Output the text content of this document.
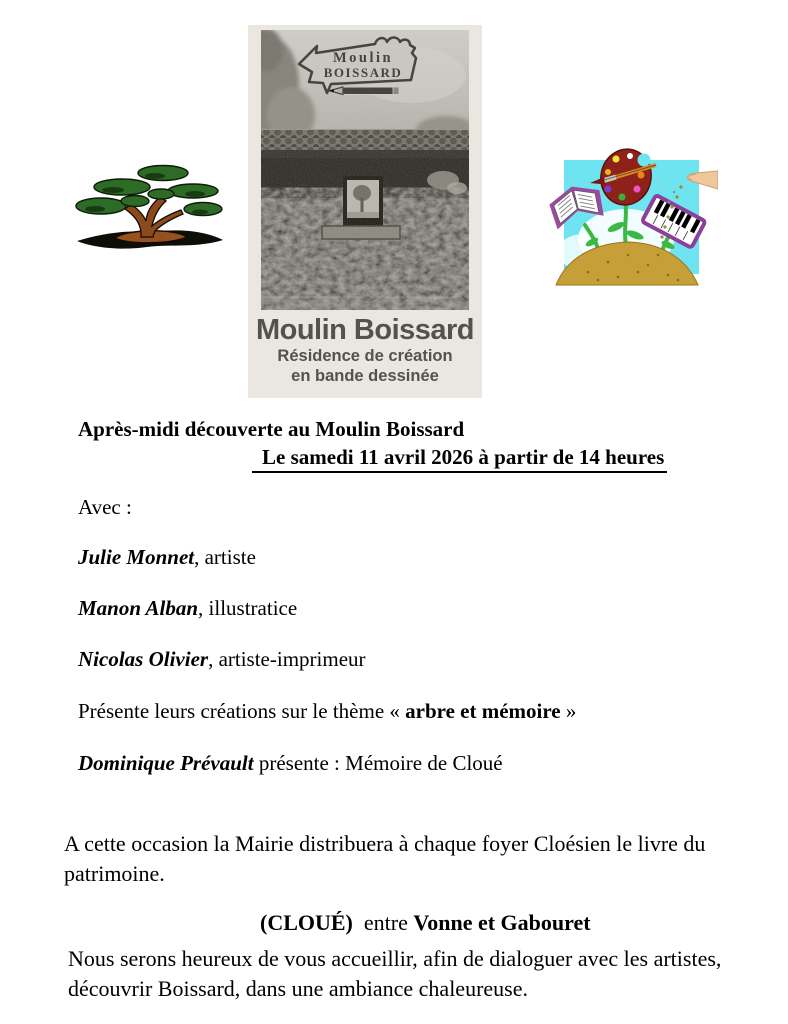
Moulin
BOISSARD
Moulin Boissard
Résidence de création
en bande dessinée
Après-midi découverte au Moulin Boissard
Le samedi 11 avril 2026 à partir de 14 heures
Avec :
Julie Monnet, artiste
Manon Alban, illustratice
Nicolas Olivier, artiste-imprimeur
Présente leurs créations sur le thème « arbre et mémoire »
Dominique Prévault présente : Mémoire de Cloué
A cette occasion la Mairie distribuera à chaque foyer Cloésien le livre du
patrimoine.

(CLOUÉ)  entre Vonne et Gabouret

Nous serons heureux de vous accueillir, afin de dialoguer avec les artistes,
découvrir Boissard, dans une ambiance chaleureuse.
